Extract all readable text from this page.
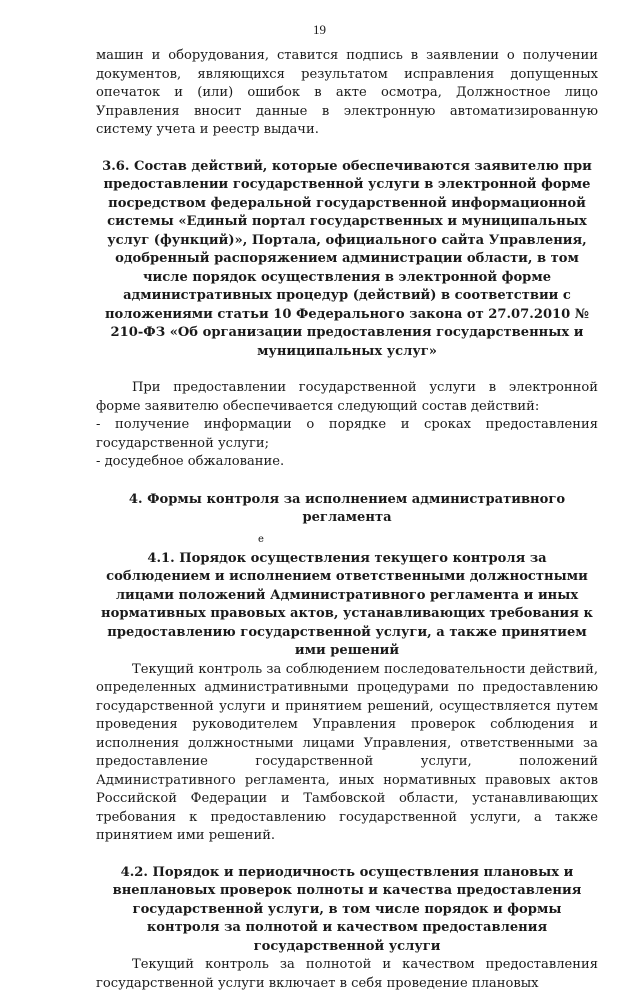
19

машин и оборудования, ставится подпись в заявлении о получении документов, являющихся результатом исправления допущенных опечаток и (или) ошибок в акте осмотра, Должностное лицо Управления вносит данные в электронную автоматизированную систему учета и реестр выдачи.

3.6. Состав действий, которые обеспечиваются заявителю при предоставлении государственной услуги в электронной форме посредством федеральной государственной информационной системы «Единый портал государственных и муниципальных услуг (функций)», Портала, официального сайта Управления, одобренный распоряжением администрации области, в том числе порядок осуществления в электронной форме административных процедур (действий) в соответствии с положениями статьи 10 Федерального закона от 27.07.2010 № 210-ФЗ «Об организации предоставления государственных и муниципальных услуг»

При предоставлении государственной услуги в электронной форме заявителю обеспечивается следующий состав действий:

- получение информации о порядке и сроках предоставления государственной услуги;

- досудебное обжалование.

4. Формы контроля за исполнением административного регламента

е

4.1. Порядок осуществления текущего контроля за соблюдением и исполнением ответственными должностными лицами положений Административного регламента и иных нормативных правовых актов, устанавливающих требования к предоставлению государственной услуги, а также принятием ими решений

Текущий контроль за соблюдением последовательности действий, определенных административными процедурами по предоставлению государственной услуги и принятием решений, осуществляется путем проведения руководителем Управления проверок соблюдения и исполнения должностными лицами Управления, ответственными за предоставление государственной услуги, положений Административного регламента, иных нормативных правовых актов Российской Федерации и Тамбовской области, устанавливающих требования к предоставлению государственной услуги, а также принятием ими решений.

4.2. Порядок и периодичность осуществления плановых и внеплановых проверок полноты и качества предоставления государственной услуги, в том числе порядок и формы контроля за полнотой и качеством предоставления государственной услуги

Текущий контроль за полнотой и качеством предоставления государственной услуги включает в себя проведение плановых
